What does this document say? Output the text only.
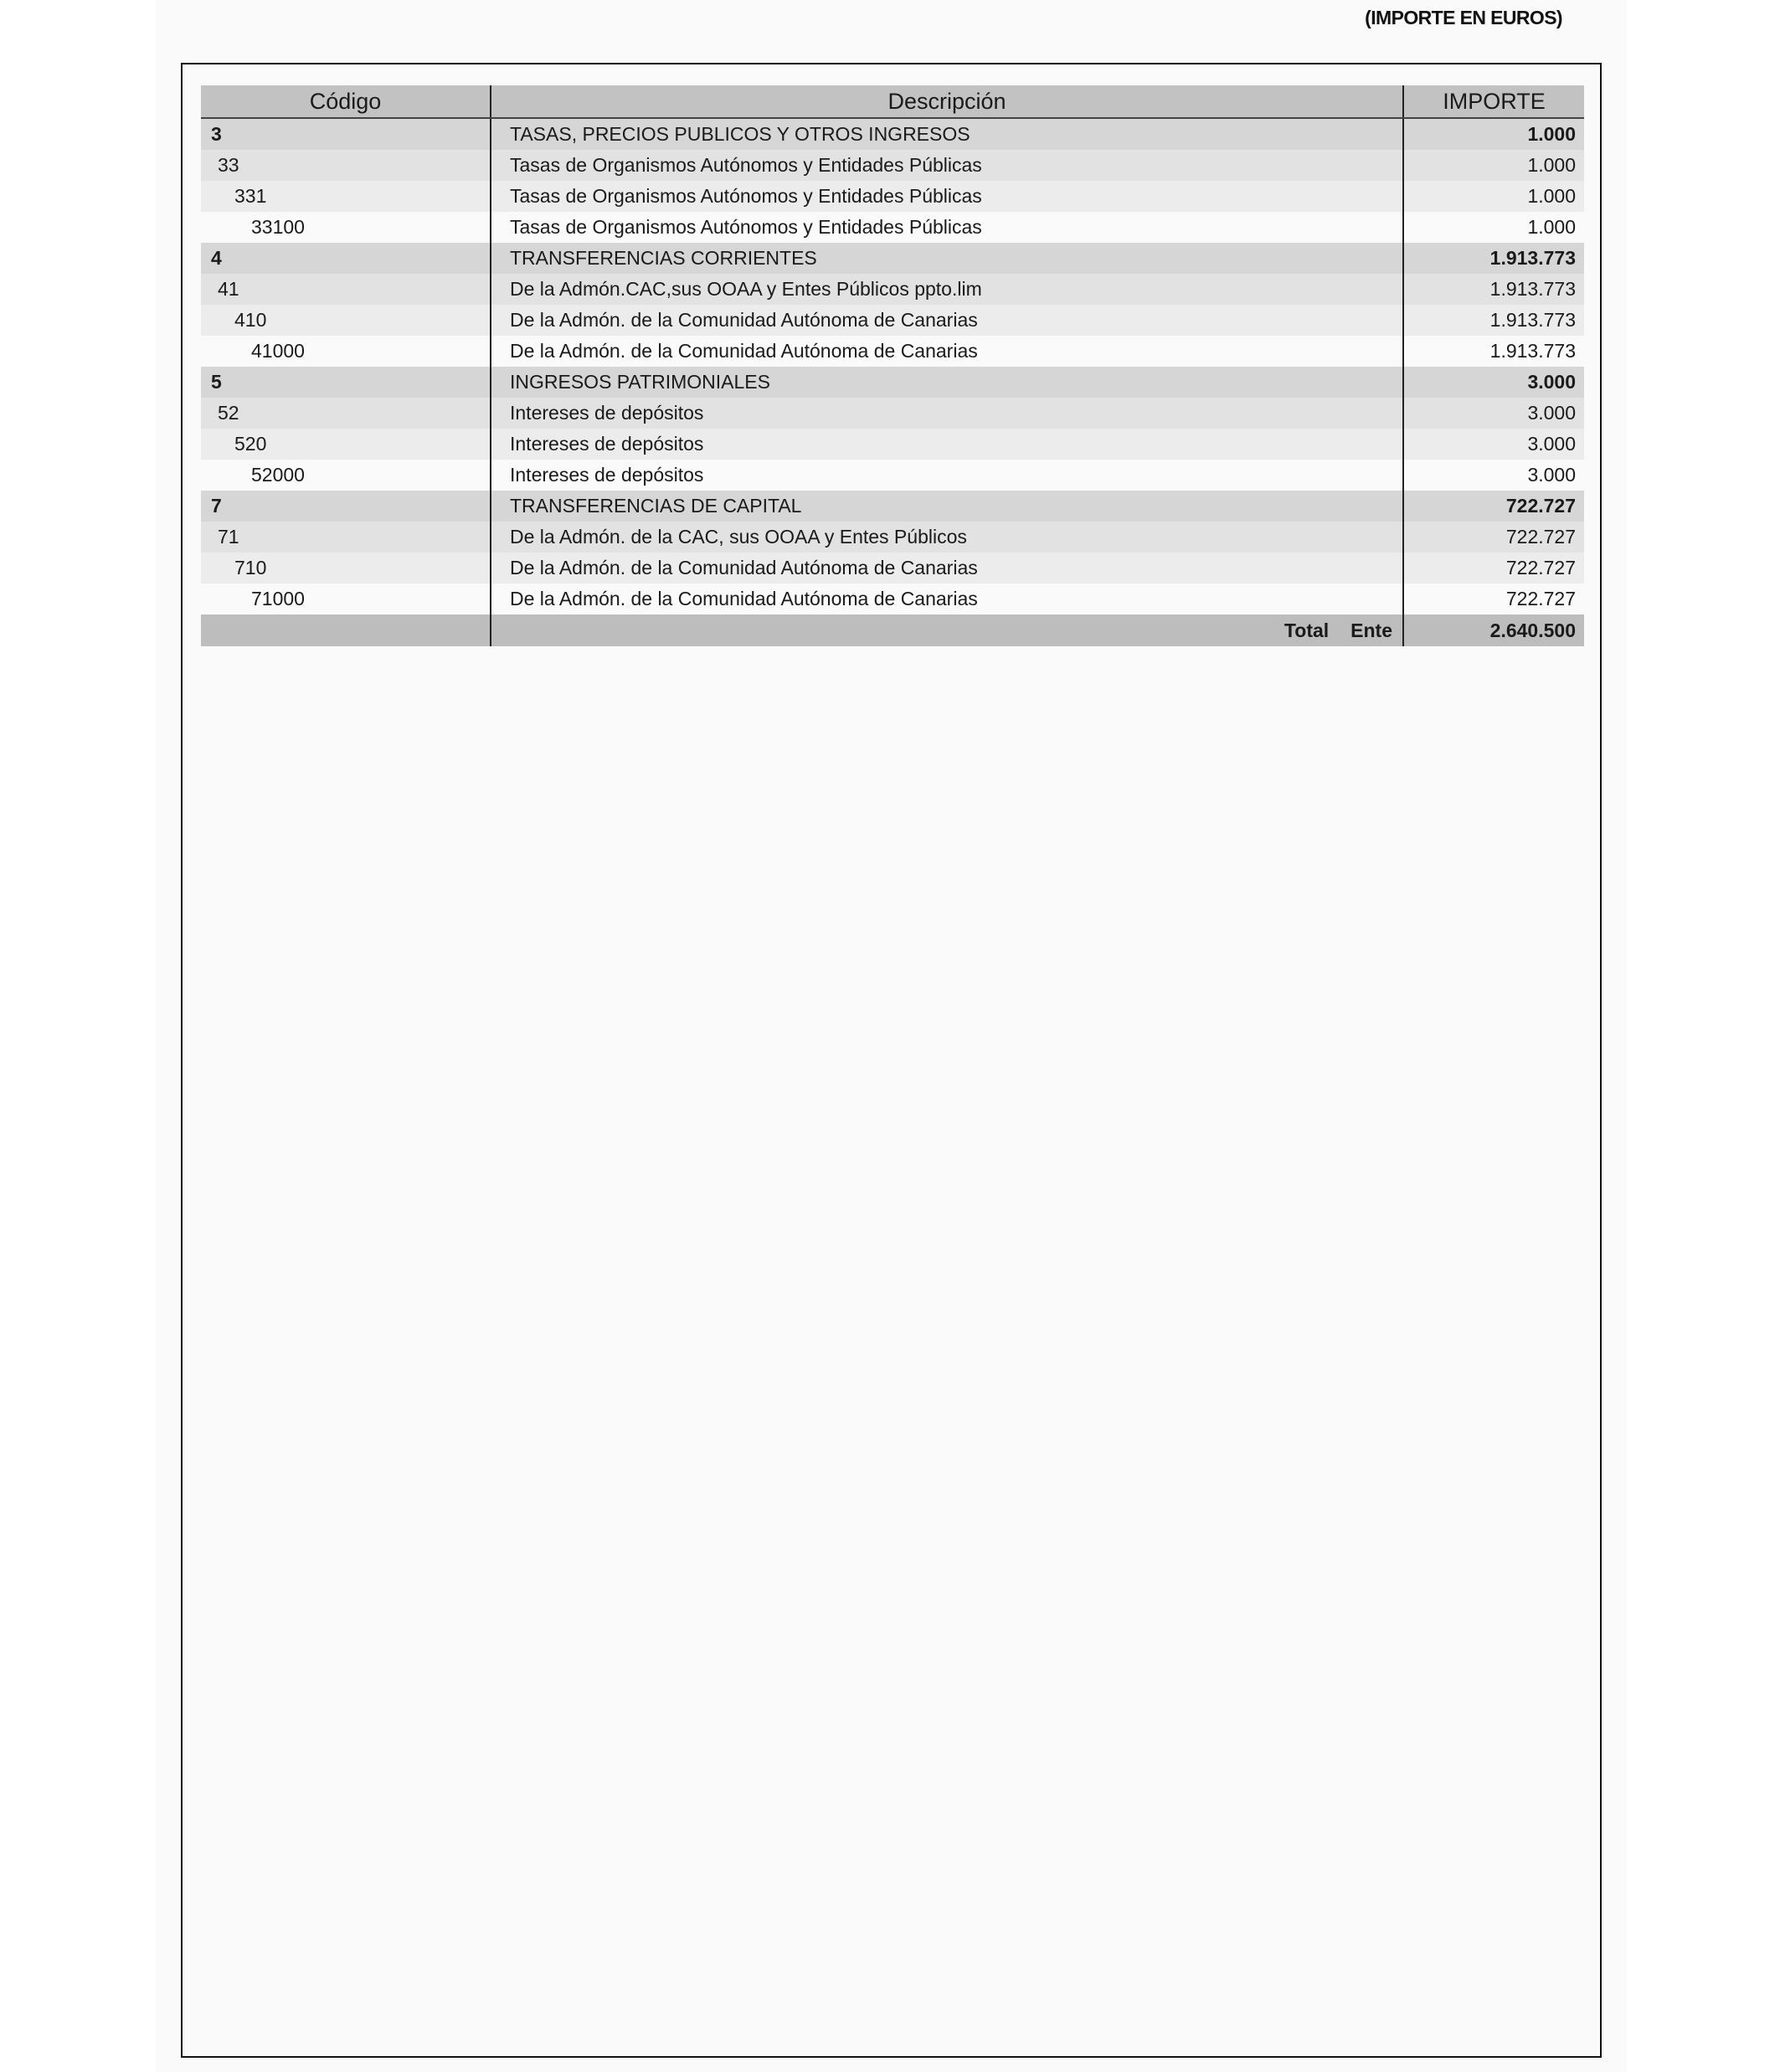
(IMPORTE EN EUROS)
Código	Descripción	IMPORTE
3	TASAS, PRECIOS PUBLICOS Y OTROS INGRESOS	1.000
33	Tasas de Organismos Autónomos y Entidades Públicas	1.000
331	Tasas de Organismos Autónomos y Entidades Públicas	1.000
33100	Tasas de Organismos Autónomos y Entidades Públicas	1.000
4	TRANSFERENCIAS CORRIENTES	1.913.773
41	De la Admón.CAC,sus OOAA y Entes Públicos ppto.lim	1.913.773
410	De la Admón. de la Comunidad Autónoma de Canarias	1.913.773
41000	De la Admón. de la Comunidad Autónoma de Canarias	1.913.773
5	INGRESOS PATRIMONIALES	3.000
52	Intereses de depósitos	3.000
520	Intereses de depósitos	3.000
52000	Intereses de depósitos	3.000
7	TRANSFERENCIAS DE CAPITAL	722.727
71	De la Admón. de la CAC, sus OOAA y Entes Públicos	722.727
710	De la Admón. de la Comunidad Autónoma de Canarias	722.727
71000	De la Admón. de la Comunidad Autónoma de Canarias	722.727
	Total Ente	2.640.500
